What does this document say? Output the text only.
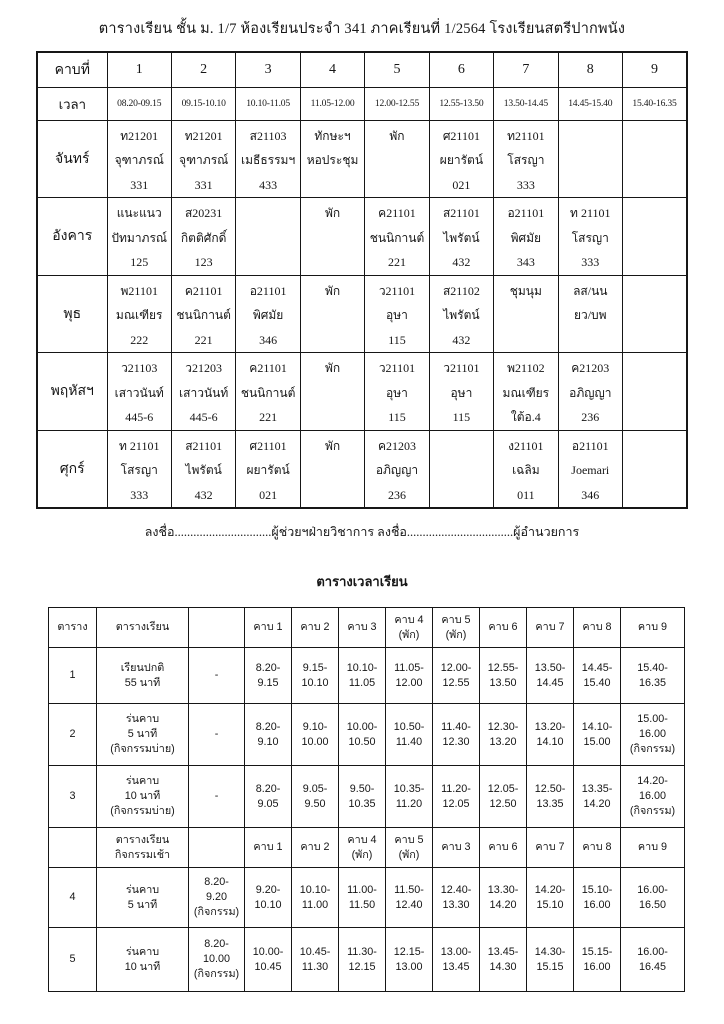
ตารางเรียน ชั้น ม. 1/7 ห้องเรียนประจำ 341 ภาคเรียนที่ 1/2564 โรงเรียนสตรีปากพนัง
คาบที่	1	2	3	4	5	6	7	8	9
เวลา	08.20-09.15	09.15-10.10	10.10-11.05	11.05-12.00	12.00-12.55	12.55-13.50	13.50-14.45	14.45-15.40	15.40-16.35
จันทร์	ท21201
จุฑาภรณ์
331	ท21201
จุฑาภรณ์
331	ส21103
เมธีธรรมฯ
433	ทักษะฯ
หอประชุม	พัก	ศ21101
ผยารัตน์
021	ท21101
โสรญา
333		
อังคาร	แนะแนว
ปัทมาภรณ์
125	ส20231
กิตติศักดิ์
123		พัก	ค21101
ชนนิกานต์
221	ส21101
ไพรัตน์
432	อ21101
พิศมัย
343	ท 21101
โสรญา
333	
พุธ	พ21101
มณเฑียร
222	ค21101
ชนนิกานต์
221	อ21101
พิศมัย
346	พัก	ว21101
อุษา
115	ส21102
ไพรัตน์
432	ชุมนุม	ลส/นน
ยว/บพ	
พฤหัสฯ	ว21103
เสาวนันท์
445-6	ว21203
เสาวนันท์
445-6	ค21101
ชนนิกานต์
221	พัก	ว21101
อุษา
115	ว21101
อุษา
115	พ21102
มณเฑียร
ใต้อ.4	ค21203
อภิญญา
236	
ศุกร์	ท 21101
โสรญา
333	ส21101
ไพรัตน์
432	ศ21101
ผยารัตน์
021	พัก	ค21203
อภิญญา
236		ง21101
เฉลิม
011	อ21101
Joemari
346	
ลงชื่อ...............................ผู้ช่วยฯฝ่ายวิชาการ ลงชื่อ..................................ผู้อำนวยการ
ตารางเวลาเรียน
ตาราง	ตารางเรียน		คาบ 1	คาบ 2	คาบ 3	คาบ 4
(พัก)	คาบ 5
(พัก)	คาบ 6	คาบ 7	คาบ 8	คาบ 9
1	เรียนปกติ
55 นาที	-	8.20-
9.15	9.15-
10.10	10.10-
11.05	11.05-
12.00	12.00-
12.55	12.55-
13.50	13.50-
14.45	14.45-
15.40	15.40-
16.35
2	ร่นคาบ
5 นาที
(กิจกรรมบ่าย)	-	8.20-
9.10	9.10-
10.00	10.00-
10.50	10.50-
11.40	11.40-
12.30	12.30-
13.20	13.20-
14.10	14.10-
15.00	15.00-
16.00
(กิจกรรม)
3	ร่นคาบ
10 นาที
(กิจกรรมบ่าย)	-	8.20-
9.05	9.05-
9.50	9.50-
10.35	10.35-
11.20	11.20-
12.05	12.05-
12.50	12.50-
13.35	13.35-
14.20	14.20-
16.00
(กิจกรรม)
	ตารางเรียน
กิจกรรมเช้า		คาบ 1	คาบ 2	คาบ 4
(พัก)	คาบ 5
(พัก)	คาบ 3	คาบ 6	คาบ 7	คาบ 8	คาบ 9
4	ร่นคาบ
5 นาที	8.20-
9.20
(กิจกรรม)	9.20-
10.10	10.10-
11.00	11.00-
11.50	11.50-
12.40	12.40-
13.30	13.30-
14.20	14.20-
15.10	15.10-
16.00	16.00-
16.50
5	ร่นคาบ
10 นาที	8.20-
10.00
(กิจกรรม)	10.00-
10.45	10.45-
11.30	11.30-
12.15	12.15-
13.00	13.00-
13.45	13.45-
14.30	14.30-
15.15	15.15-
16.00	16.00-
16.45
